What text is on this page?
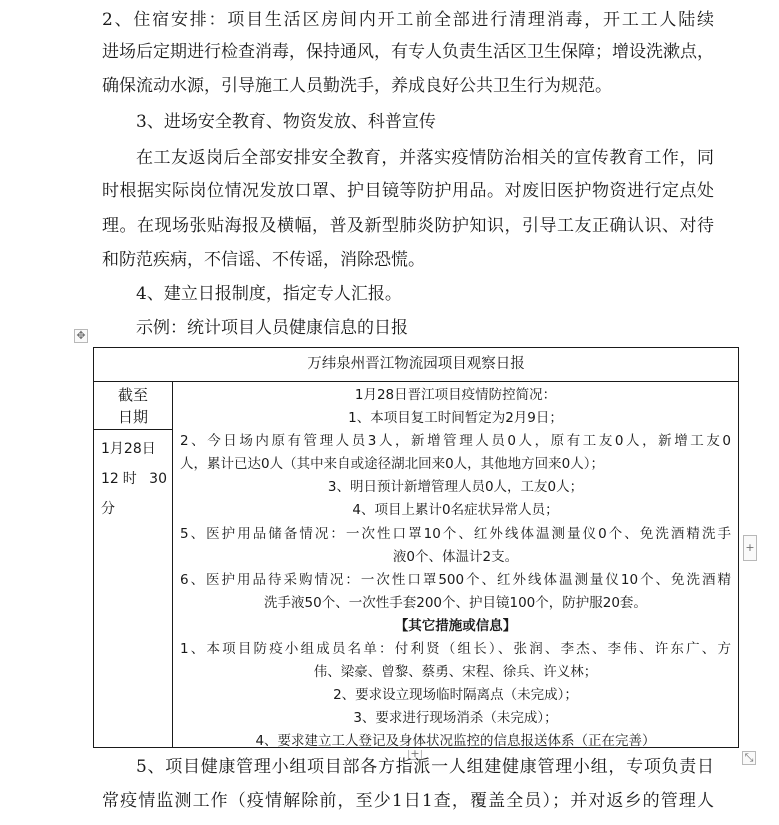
2、住宿安排：项目生活区房间内开工前全部进行清理消毒，开工工人陆续

进场后定期进行检查消毒，保持通风，有专人负责生活区卫生保障；增设洗漱点，

确保流动水源，引导施工人员勤洗手，养成良好公共卫生行为规范。

3、进场安全教育、物资发放、科普宣传

在工友返岗后全部安排安全教育，并落实疫情防治相关的宣传教育工作，同

时根据实际岗位情况发放口罩、护目镜等防护用品。对废旧医护物资进行定点处

理。在现场张贴海报及横幅，普及新型肺炎防护知识，引导工友正确认识、对待

和防范疾病，不信谣、不传谣，消除恐慌。

4、建立日报制度，指定专人汇报。

示例：统计项目人员健康信息的日报

✥
万纬泉州晋江物流园项目观察日报
截至
日期
1月28日
12时 30
分
1月28日晋江项目疫情防控简况：
1、本项目复工时间暂定为2月9日；
2、今日场内原有管理人员3人，新增管理人员0人，原有工友0人，新增工友0
人，累计已达0人（其中来自或途径湖北回来0人，其他地方回来0人）；
3、明日预计新增管理人员0人，工友0人；
4、项目上累计0名症状异常人员；
5、医护用品储备情况：一次性口罩10个、红外线体温测量仪0个、免洗酒精洗手
液0个、体温计2支。
6、医护用品待采购情况：一次性口罩500个、红外线体温测量仪10个、免洗酒精
洗手液50个、一次性手套200个、护目镜100个，防护服20套。
【其它措施或信息】
1、本项目防疫小组成员名单：付利贤（组长）、张润、李杰、李伟、许东广、方
伟、梁豪、曾黎、蔡勇、宋程、徐兵、许义林；
2、要求设立现场临时隔离点（未完成）；
3、要求进行现场消杀（未完成）；
4、要求建立工人登记及身体状况监控的信息报送体系（正在完善）
+
+	⤡

5、项目健康管理小组项目部各方指派一人组建健康管理小组，专项负责日

常疫情监测工作（疫情解除前，至少1日1查，覆盖全员）；并对返乡的管理人
